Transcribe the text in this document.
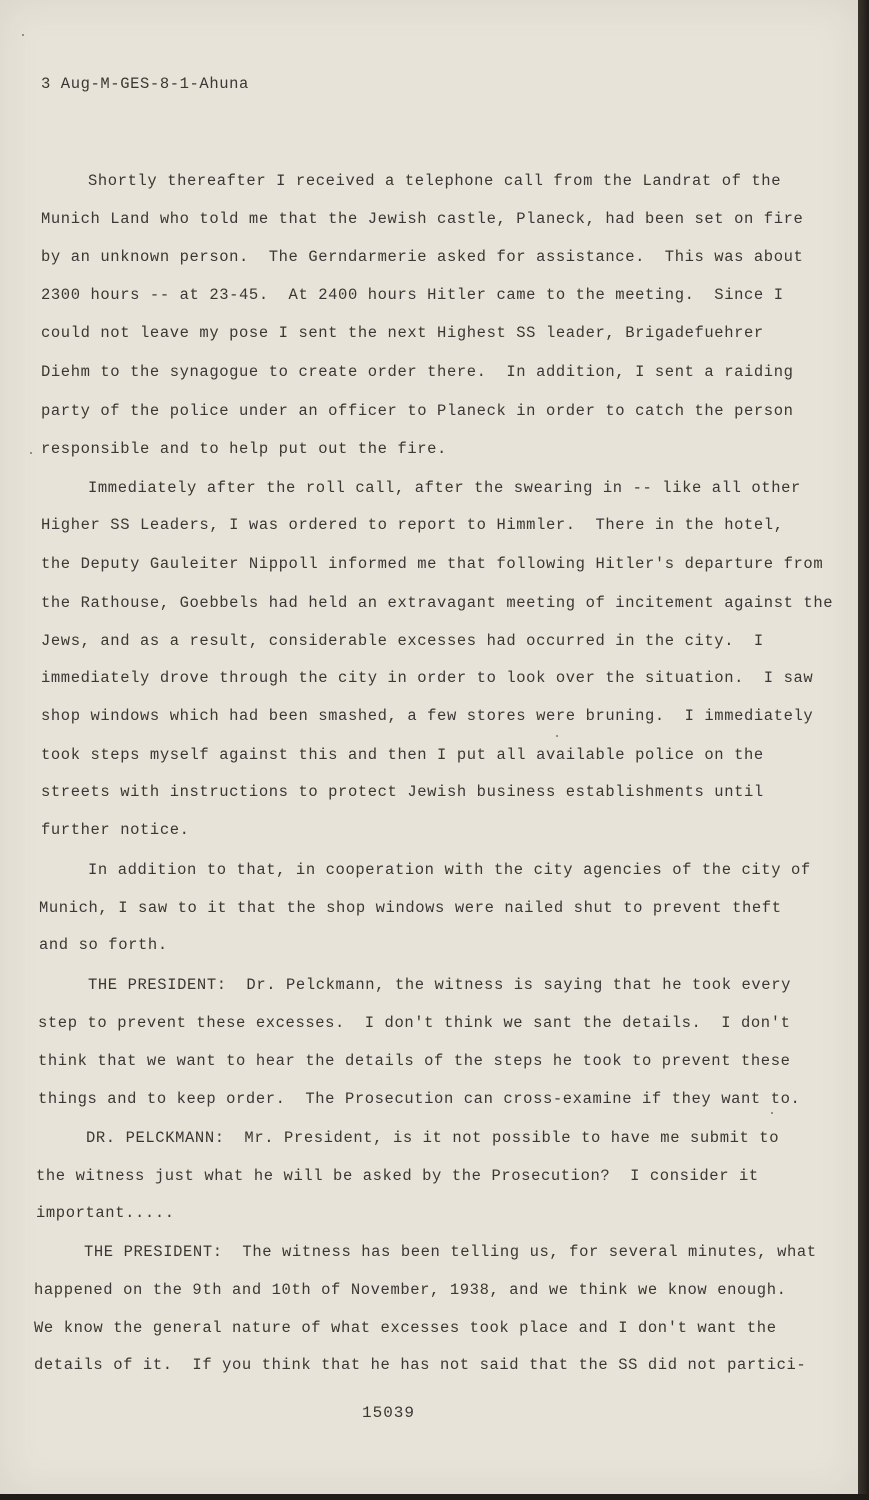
3 Aug-M-GES-8-1-Ahuna
Shortly thereafter I received a telephone call from the Landrat of the
Munich Land who told me that the Jewish castle, Planeck, had been set on fire
by an unknown person.  The Gerndarmerie asked for assistance.  This was about
2300 hours -- at 23-45.  At 2400 hours Hitler came to the meeting.  Since I
could not leave my pose I sent the next Highest SS leader, Brigadefuehrer
Diehm to the synagogue to create order there.  In addition, I sent a raiding
party of the police under an officer to Planeck in order to catch the person
responsible and to help put out the fire.
Immediately after the roll call, after the swearing in -- like all other
Higher SS Leaders, I was ordered to report to Himmler.  There in the hotel,
the Deputy Gauleiter Nippoll informed me that following Hitler's departure from
the Rathouse, Goebbels had held an extravagant meeting of incitement against the
Jews, and as a result, considerable excesses had occurred in the city.  I
immediately drove through the city in order to look over the situation.  I saw
shop windows which had been smashed, a few stores were bruning.  I immediately
took steps myself against this and then I put all available police on the
streets with instructions to protect Jewish business establishments until
further notice.
In addition to that, in cooperation with the city agencies of the city of
Munich, I saw to it that the shop windows were nailed shut to prevent theft
and so forth.
THE PRESIDENT:  Dr. Pelckmann, the witness is saying that he took every
step to prevent these excesses.  I don't think we sant the details.  I don't
think that we want to hear the details of the steps he took to prevent these
things and to keep order.  The Prosecution can cross-examine if they want to.
DR. PELCKMANN:  Mr. President, is it not possible to have me submit to
the witness just what he will be asked by the Prosecution?  I consider it
important.....
THE PRESIDENT:  The witness has been telling us, for several minutes, what
happened on the 9th and 10th of November, 1938, and we think we know enough.
We know the general nature of what excesses took place and I don't want the
details of it.  If you think that he has not said that the SS did not partici-
15039
